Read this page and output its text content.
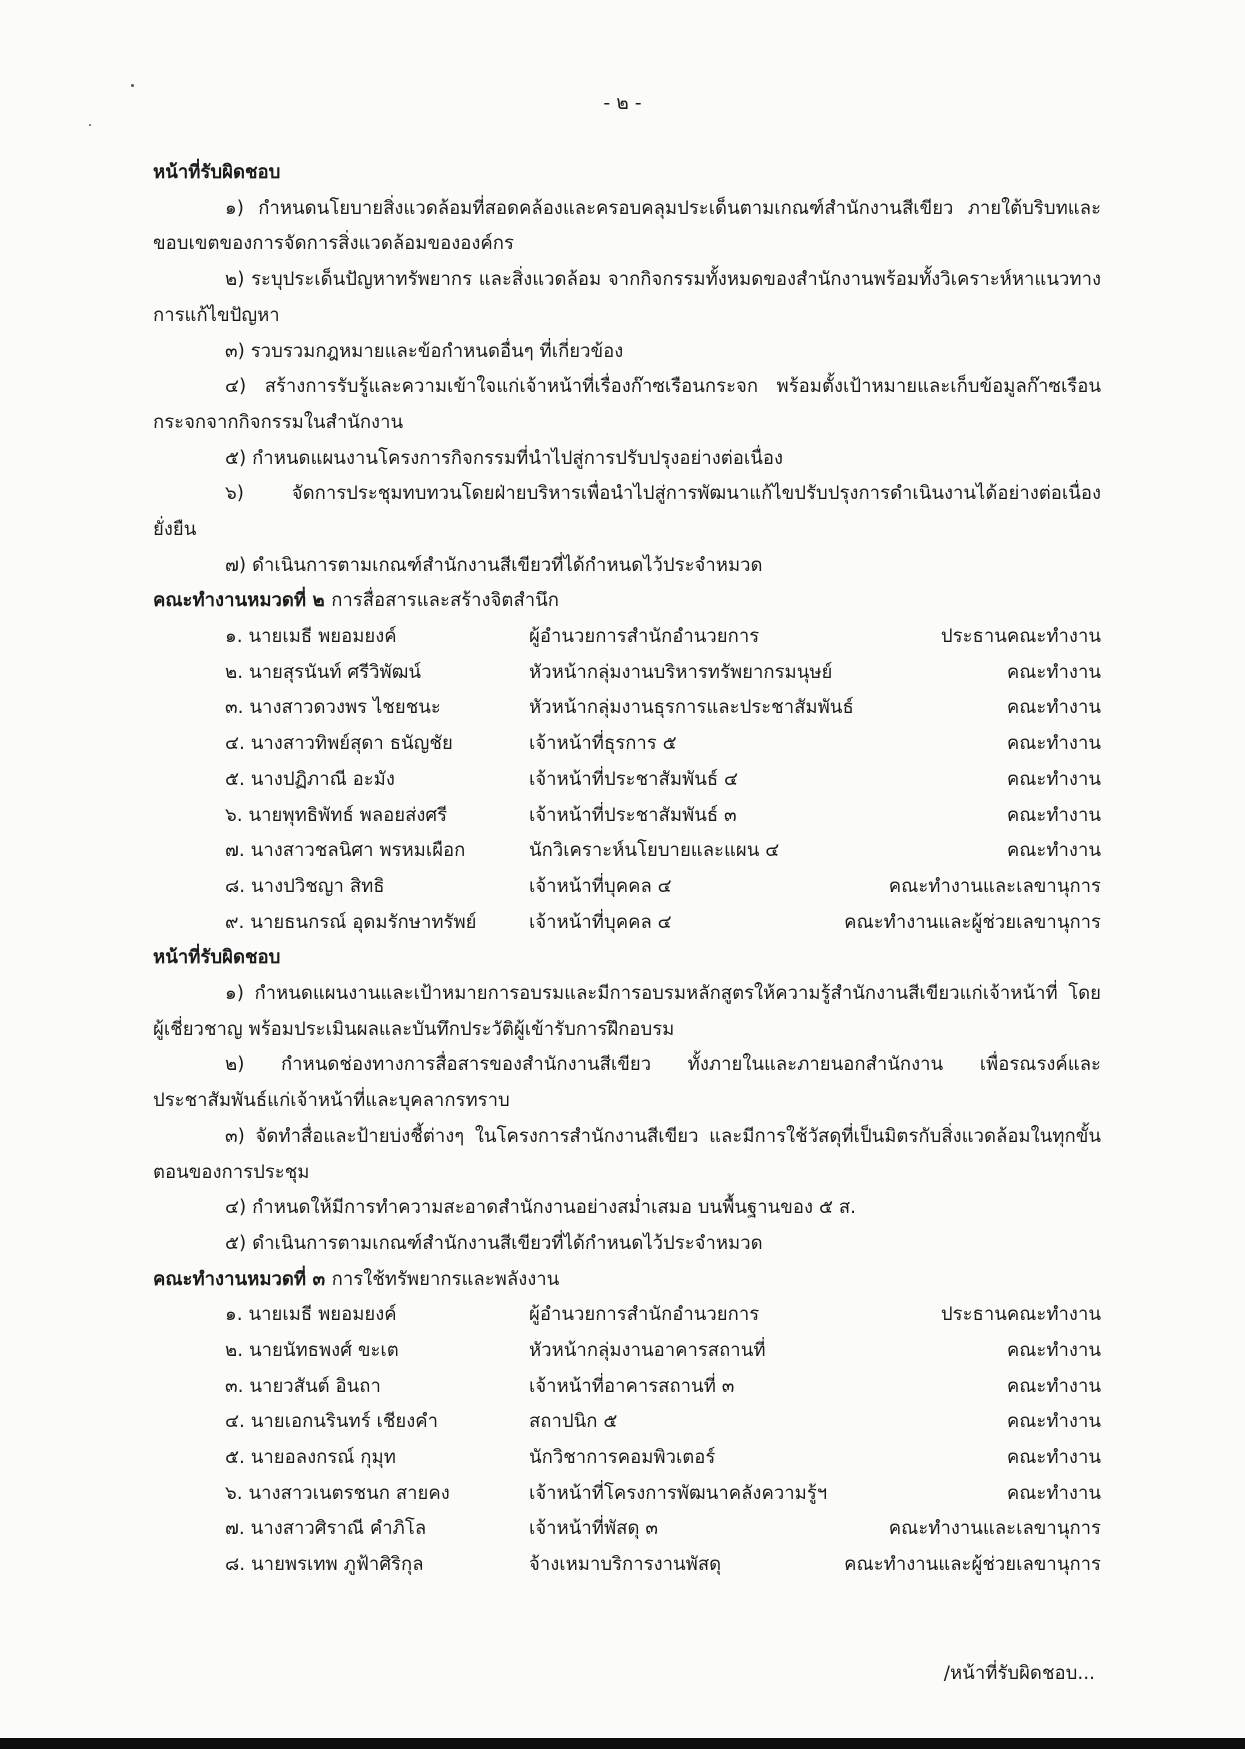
- ๒ -

หน้าที่รับผิดชอบ

๑) กำหนดนโยบายสิ่งแวดล้อมที่สอดคล้องและครอบคลุมประเด็นตามเกณฑ์สำนักงานสีเขียว ภายใต้บริบทและขอบเขตของการจัดการสิ่งแวดล้อมขององค์กร

๒) ระบุประเด็นปัญหาทรัพยากร และสิ่งแวดล้อม จากกิจกรรมทั้งหมดของสำนักงานพร้อมทั้งวิเคราะห์หาแนวทางการแก้ไขปัญหา

๓) รวบรวมกฎหมายและข้อกำหนดอื่นๆ ที่เกี่ยวข้อง

๔) สร้างการรับรู้และความเข้าใจแก่เจ้าหน้าที่เรื่องก๊าซเรือนกระจก พร้อมตั้งเป้าหมายและเก็บข้อมูลก๊าซเรือนกระจกจากกิจกรรมในสำนักงาน

๕) กำหนดแผนงานโครงการกิจกรรมที่นำไปสู่การปรับปรุงอย่างต่อเนื่อง

๖) จัดการประชุมทบทวนโดยฝ่ายบริหารเพื่อนำไปสู่การพัฒนาแก้ไขปรับปรุงการดำเนินงานได้อย่างต่อเนื่องยั่งยืน

๗) ดำเนินการตามเกณฑ์สำนักงานสีเขียวที่ได้กำหนดไว้ประจำหมวด

คณะทำงานหมวดที่ ๒ การสื่อสารและสร้างจิตสำนึก

๑. นายเมธี พยอมยงค์	ผู้อำนวยการสำนักอำนวยการ	ประธานคณะทำงาน
๒. นายสุรนันท์ ศรีวิพัฒน์	หัวหน้ากลุ่มงานบริหารทรัพยากรมนุษย์	คณะทำงาน
๓. นางสาวดวงพร ไชยชนะ	หัวหน้ากลุ่มงานธุรการและประชาสัมพันธ์	คณะทำงาน
๔. นางสาวทิพย์สุดา ธนัญชัย	เจ้าหน้าที่ธุรการ ๕	คณะทำงาน
๕. นางปฏิภาณี อะมัง	เจ้าหน้าที่ประชาสัมพันธ์ ๔	คณะทำงาน
๖. นายพุทธิพัทธ์ พลอยส่งศรี	เจ้าหน้าที่ประชาสัมพันธ์ ๓	คณะทำงาน
๗. นางสาวชลนิศา พรหมเผือก	นักวิเคราะห์นโยบายและแผน ๔	คณะทำงาน
๘. นางปวิชญา สิทธิ	เจ้าหน้าที่บุคคล ๔	คณะทำงานและเลขานุการ
๙. นายธนกรณ์ อุดมรักษาทรัพย์	เจ้าหน้าที่บุคคล ๔	คณะทำงานและผู้ช่วยเลขานุการ

หน้าที่รับผิดชอบ

๑) กำหนดแผนงานและเป้าหมายการอบรมและมีการอบรมหลักสูตรให้ความรู้สำนักงานสีเขียวแก่เจ้าหน้าที่ โดยผู้เชี่ยวชาญ พร้อมประเมินผลและบันทึกประวัติผู้เข้ารับการฝึกอบรม

๒) กำหนดช่องทางการสื่อสารของสำนักงานสีเขียว ทั้งภายในและภายนอกสำนักงาน เพื่อรณรงค์และประชาสัมพันธ์แก่เจ้าหน้าที่และบุคลากรทราบ

๓) จัดทำสื่อและป้ายบ่งชี้ต่างๆ ในโครงการสำนักงานสีเขียว และมีการใช้วัสดุที่เป็นมิตรกับสิ่งแวดล้อมในทุกขั้นตอนของการประชุม

๔) กำหนดให้มีการทำความสะอาดสำนักงานอย่างสม่ำเสมอ บนพื้นฐานของ ๕ ส.

๕) ดำเนินการตามเกณฑ์สำนักงานสีเขียวที่ได้กำหนดไว้ประจำหมวด

คณะทำงานหมวดที่ ๓ การใช้ทรัพยากรและพลังงาน

๑. นายเมธี พยอมยงค์	ผู้อำนวยการสำนักอำนวยการ	ประธานคณะทำงาน
๒. นายนัทธพงศ์ ขะเต	หัวหน้ากลุ่มงานอาคารสถานที่	คณะทำงาน
๓. นายวสันต์ อินถา	เจ้าหน้าที่อาคารสถานที่ ๓	คณะทำงาน
๔. นายเอกนรินทร์ เชียงคำ	สถาปนิก ๕	คณะทำงาน
๕. นายอลงกรณ์ กุมุท	นักวิชาการคอมพิวเตอร์	คณะทำงาน
๖. นางสาวเนตรชนก สายคง	เจ้าหน้าที่โครงการพัฒนาคลังความรู้ฯ	คณะทำงาน
๗. นางสาวศิราณี คำภิโล	เจ้าหน้าที่พัสดุ ๓	คณะทำงานและเลขานุการ
๘. นายพรเทพ ภูฟ้าศิริกุล	จ้างเหมาบริการงานพัสดุ	คณะทำงานและผู้ช่วยเลขานุการ
/หน้าที่รับผิดชอบ...
